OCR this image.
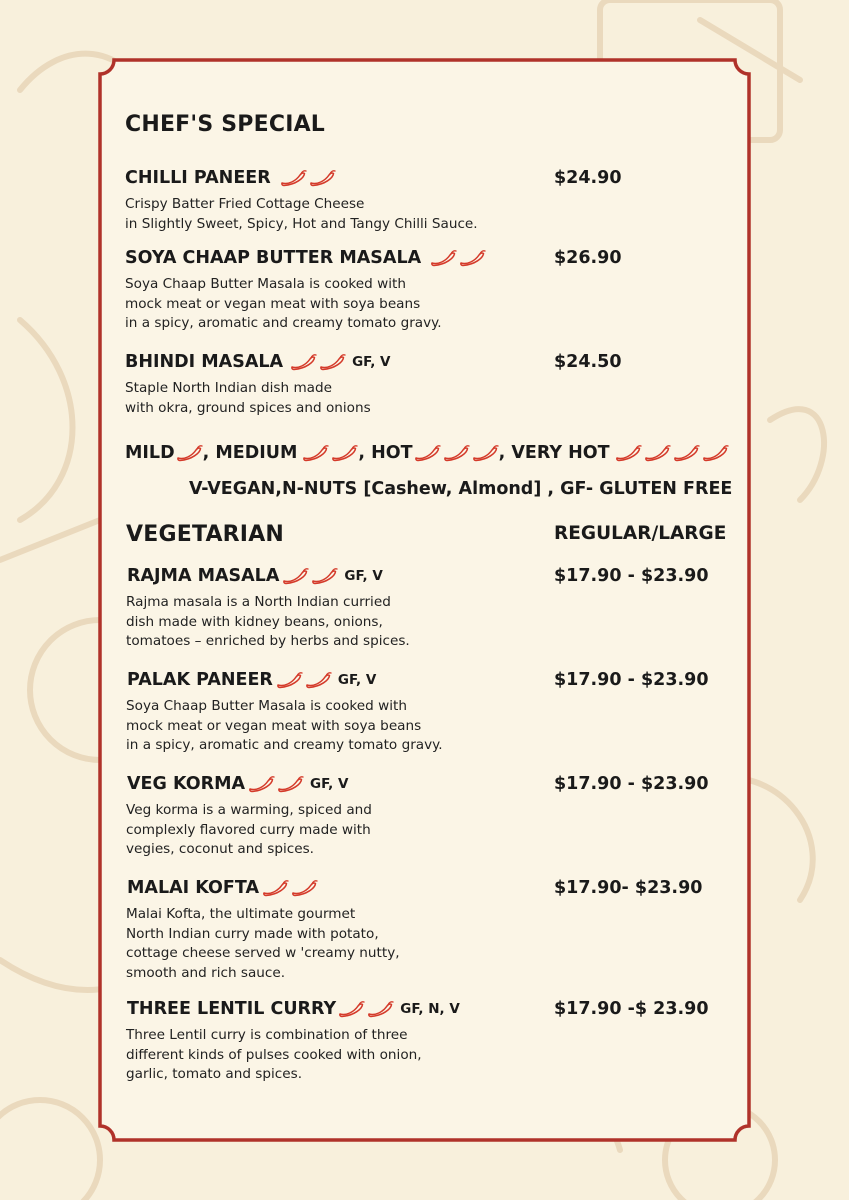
CHEF'S SPECIAL
CHILLI PANEER	$24.90
Crispy Batter Fried Cottage Cheese
in Slightly Sweet, Spicy, Hot and Tangy Chilli Sauce.
SOYA CHAAP BUTTER MASALA	$26.90
Soya Chaap Butter Masala is cooked with
mock meat or vegan meat with soya beans
in a spicy, aromatic and creamy tomato gravy.
BHINDI MASALA	GF, V	$24.50
Staple North Indian dish made
with okra, ground spices and onions
MILD , MEDIUM	, HOT	, VERY HOT
V-VEGAN,N-NUTS [Cashew, Almond] , GF- GLUTEN FREE
VEGETARIAN	REGULAR/LARGE
RAJMA MASALA	GF, V	$17.90 - $23.90
Rajma masala is a North Indian curried
dish made with kidney beans, onions,
tomatoes – enriched by herbs and spices.
PALAK PANEER	GF, V	$17.90 - $23.90
Soya Chaap Butter Masala is cooked with
mock meat or vegan meat with soya beans
in a spicy, aromatic and creamy tomato gravy.
VEG KORMA	GF, V	$17.90 - $23.90
Veg korma is a warming, spiced and
complexly flavored curry made with
vegies, coconut and spices.
MALAI KOFTA	$17.90- $23.90
Malai Kofta, the ultimate gourmet
North Indian curry made with potato,
cottage cheese served w 'creamy nutty,
smooth and rich sauce.
THREE LENTIL CURRY	GF, N, V	$17.90 -$ 23.90
Three Lentil curry is combination of three
different kinds of pulses cooked with onion,
garlic, tomato and spices.
